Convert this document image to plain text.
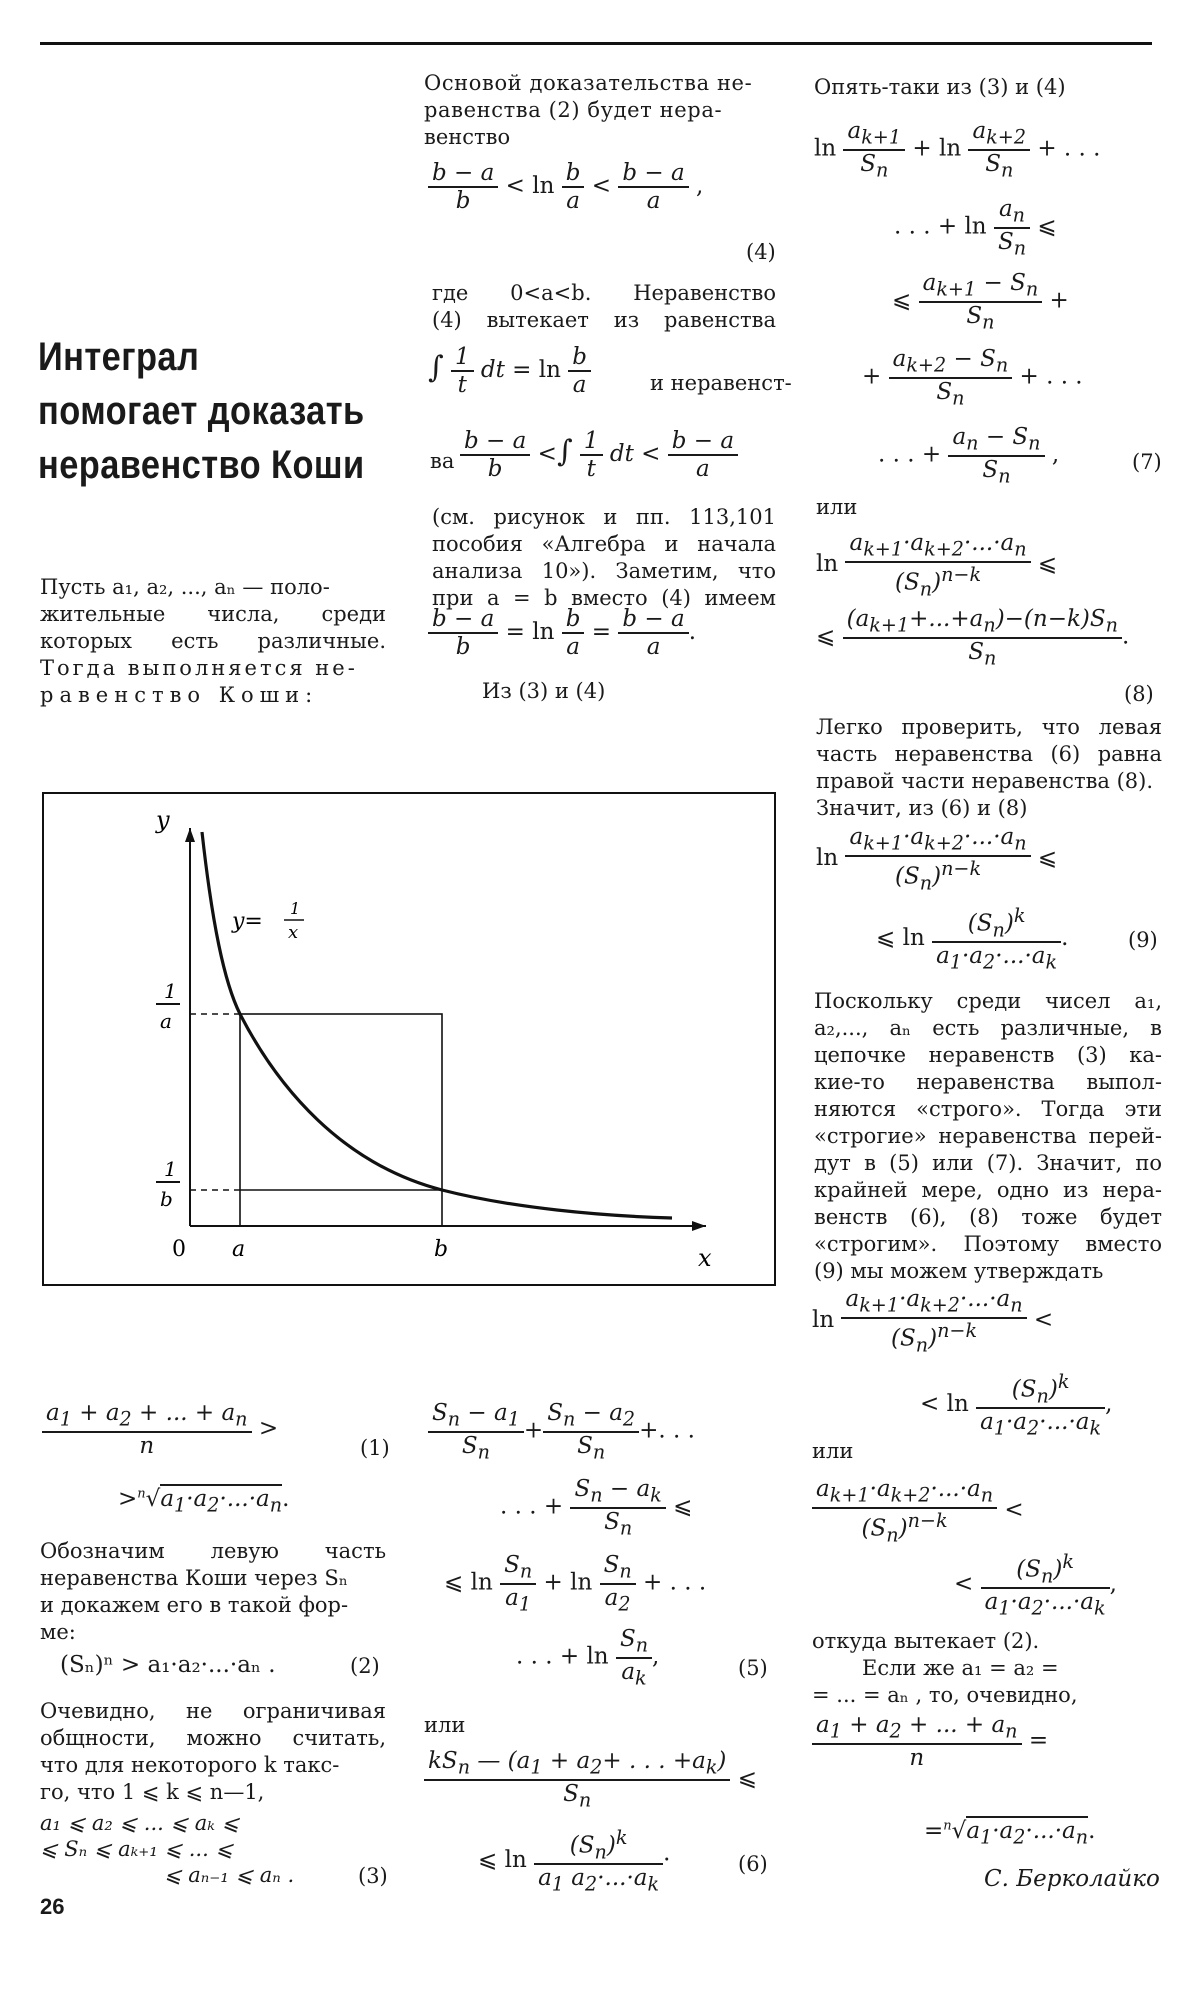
Интеграл
помогает доказать
неравенство Коши
Пусть a₁, a₂, ..., aₙ — поло-
жительные числа, среди
которых есть различные.
Тогда выполняется не-
равенство Коши:
Основой доказательства не-
равенства (2) будет нера-
венство
$\frac{b - a}{b} < \ln \frac{b}{a} < \frac{b - a}{a}$ ,
(4)
где 0<a<b. Неравенство
(4) вытекает из равенства
∫ $\frac{1}{t}$ dt = $\ln \frac{b}{a}$	и неравенст-
ва $\frac{b - a}{b}$ <∫ $\frac{1}{t}$ dt < $\frac{b - a}{a}$
(см. рисунок и пп. 113,101
пособия «Алгебра и начала
анализа 10»). Заметим, что
при a = b вместо (4) имеем
$\frac{b - a}{b} = \ln \frac{b}{a} = \frac{b - a}{a}$ .
Из (3) и (4)
Опять-таки из (3) и (4)
$\ln \frac{a_{k+1}}{S_n} + \ln \frac{a_{k+2}}{S_n}$ + . . .
. . . + $\ln \frac{a_n}{S_n}$ ⩽
⩽ $\frac{a_{k+1} - S_n}{S_n}$ +
+ $\frac{a_{k+2} - S_n}{S_n}$ + . . .
. . . + $\frac{a_n - S_n}{S_n}$ ,	(7)
или
$\ln \frac{a_{k+1}\cdot a_{k+2}\cdot...\cdot a_n}{(S_n)^{n-k}}$ ⩽
⩽ $\frac{(a_{k+1}+...+a_n)-(n-k)S_n}{S_n}$ .
(8)
Легко проверить, что левая
часть неравенства (6) равна
правой части неравенства (8).
Значит, из (6) и (8)
$\ln \frac{a_{k+1}\cdot a_{k+2}\cdot...\cdot a_n}{(S_n)^{n-k}}$ ⩽
⩽ $\ln \frac{(S_n)^k}{a_1\cdot a_2\cdot...\cdot a_k}$ .	(9)
Поскольку среди чисел a₁,
a₂,..., aₙ есть различные, в
цепочке неравенств (3) ка-
кие-то неравенства выпол-
няются «строго». Тогда эти
«строгие» неравенства перей-
дут в (5) или (7). Значит, по
крайней мере, одно из нера-
венств (6), (8) тоже будет
«строгим». Поэтому вместо
(9) мы можем утверждать
$\ln \frac{a_{k+1}\cdot a_{k+2}\cdot...\cdot a_n}{(S_n)^{n-k}}$ <
< $\ln \frac{(S_n)^k}{a_1\cdot a_2\cdot...\cdot a_k}$ ,
или
$\frac{a_{k+1}\cdot a_{k+2}\cdot...\cdot a_n}{(S_n)^{n-k}}$ <
< $\frac{(S_n)^k}{a_1\cdot a_2\cdot...\cdot a_k}$ ,
откуда вытекает (2).
Если же a₁ = a₂ =
= ... = aₙ , то, очевидно,
$\frac{a_1 + a_2 + ... + a_n}{n}$ =
$=^n√a_1\cdot a_2\cdot...\cdot a_n$.
С. Берколайко
y
x
0 a	b
1
a
1
b
y=
1
x
$\frac{a_1 + a_2 + ... + a_n}{n}$ >
(1)
$>^n√a_1\cdot a_2\cdot...\cdot a_n$.
Обозначим левую часть
неравенства Коши через Sₙ
и докажем его в такой фор-
ме:
(Sₙ)ⁿ > a₁·a₂·...·aₙ .	(2)
Очевидно, не ограничивая
общности, можно считать,
что для некоторого k такс-
го, что 1 ⩽ k ⩽ n—1,
a₁ ⩽ a₂ ⩽ ... ⩽ aₖ ⩽
⩽ Sₙ ⩽ aₖ₊₁ ⩽ ... ⩽
⩽ aₙ₋₁ ⩽ aₙ .	(3)
$\frac{S_n - a_1}{S_n} + \frac{S_n - a_2}{S_n}$ +. . .
. . . + $\frac{S_n - a_k}{S_n}$ ⩽
⩽ $\ln \frac{S_n}{a_1} + \ln \frac{S_n}{a_2}$ + . . .
. . . + $\ln \frac{S_n}{a_k}$ ,	(5)
или
$\frac{kS_n — (a_1 + a_2+ . . . +a_k)}{S_n}$ ⩽
⩽ $\ln \frac{(S_n)^k}{a_1 a_2\cdot...\cdot a_k}$ ·	(6)
26
